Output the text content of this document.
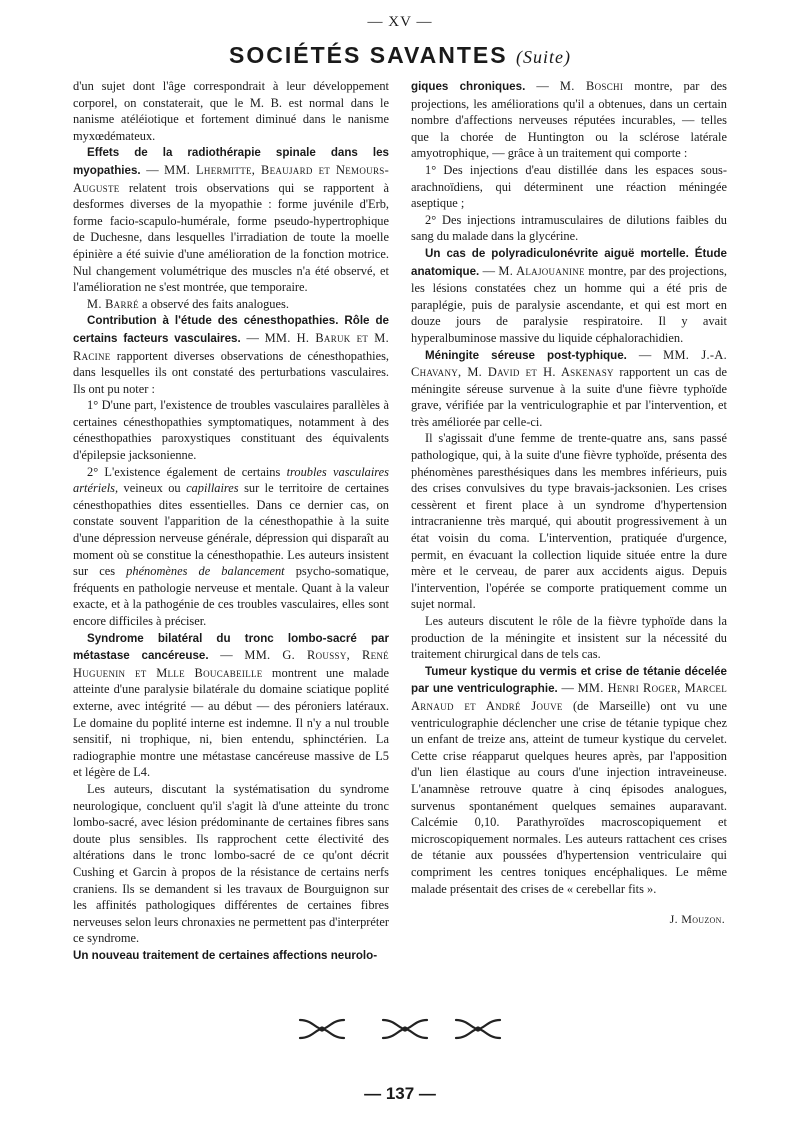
— XV —
SOCIÉTÉS SAVANTES (Suite)

d'un sujet dont l'âge correspondrait à leur développement corporel, on constaterait, que le M. B. est normal dans le nanisme atéléiotique et fortement diminué dans le nanisme myxœdémateux.

Effets de la radiothérapie spinale dans les myopathies. — MM. Lhermitte, Beaujard et Nemours-Auguste relatent trois observations qui se rapportent à desformes diverses de la myopathie : forme juvénile d'Erb, forme facio-scapulo-humérale, forme pseudo-hypertrophique de Duchesne, dans lesquelles l'irradiation de toute la moelle épinière a été suivie d'une amélioration de la fonction motrice. Nul changement volumétrique des muscles n'a été observé, et l'amélioration ne s'est montrée, que temporaire.

M. Barré a observé des faits analogues.

Contribution à l'étude des cénesthopathies. Rôle de certains facteurs vasculaires. — MM. H. Baruk et M. Racine rapportent diverses observations de cénesthopathies, dans lesquelles ils ont constaté des perturbations vasculaires. Ils ont pu noter :

1° D'une part, l'existence de troubles vasculaires parallèles à certaines cénesthopathies symptomatiques, notamment à des cénesthopathies paroxystiques constituant des équivalents d'épilepsie jacksonienne.

2° L'existence également de certains troubles vasculaires artériels, veineux ou capillaires sur le territoire de certaines cénesthopathies dites essentielles. Dans ce dernier cas, on constate souvent l'apparition de la cénesthopathie à la suite d'une dépression nerveuse générale, dépression qui disparaît au moment où se constitue la cénesthopathie. Les auteurs insistent sur ces phénomènes de balancement psycho-somatique, fréquents en pathologie nerveuse et mentale. Quant à la valeur exacte, et à la pathogénie de ces troubles vasculaires, elles sont encore difficiles à préciser.

Syndrome bilatéral du tronc lombo-sacré par métastase cancéreuse. — MM. G. Roussy, René Huguenin et Mlle Boucabeille montrent une malade atteinte d'une paralysie bilatérale du domaine sciatique poplité externe, avec intégrité — au début — des péroniers latéraux. Le domaine du poplité interne est indemne. Il n'y a nul trouble sensitif, ni trophique, ni, bien entendu, sphinctérien. La radiographie montre une métastase cancéreuse massive de L5 et légère de L4.

Les auteurs, discutant la systématisation du syndrome neurologique, concluent qu'il s'agit là d'une atteinte du tronc lombo-sacré, avec lésion prédominante de certaines fibres sans doute plus sensibles. Ils rapprochent cette électivité des altérations dans le tronc lombo-sacré de ce qu'ont décrit Cushing et Garcin à propos de la résistance de certains nerfs craniens. Ils se demandent si les travaux de Bourguignon sur les affinités pathologiques différentes de certaines fibres nerveuses selon leurs chronaxies ne permettent pas d'interpréter ce syndrome.

Un nouveau traitement de certaines affections neurolo-

giques chroniques. — M. Boschi montre, par des projections, les améliorations qu'il a obtenues, dans un certain nombre d'affections nerveuses réputées incurables, — telles que la chorée de Huntington ou la sclérose latérale amyotrophique, — grâce à un traitement qui comporte :

1° Des injections d'eau distillée dans les espaces sous-arachnoïdiens, qui déterminent une réaction méningée aseptique ;

2° Des injections intramusculaires de dilutions faibles du sang du malade dans la glycérine.

Un cas de polyradiculonévrite aiguë mortelle. Étude anatomique. — M. Alajouanine montre, par des projections, les lésions constatées chez un homme qui a été pris de paraplégie, puis de paralysie ascendante, et qui est mort en douze jours de paralysie respiratoire. Il y avait hyperalbuminose massive du liquide céphalorachidien.

Méningite séreuse post-typhique. — MM. J.-A. Chavany, M. David et H. Askenasy rapportent un cas de méningite séreuse survenue à la suite d'une fièvre typhoïde grave, vérifiée par la ventriculographie et par l'intervention, et très améliorée par celle-ci.

Il s'agissait d'une femme de trente-quatre ans, sans passé pathologique, qui, à la suite d'une fièvre typhoïde, présenta des phénomènes paresthésiques dans les membres inférieurs, puis des crises convulsives du type bravais-jacksonien. Les crises cessèrent et firent place à un syndrome d'hypertension intracranienne très marqué, qui aboutit progressivement à un état voisin du coma. L'intervention, pratiquée d'urgence, permit, en évacuant la collection liquide située entre la dure mère et le cerveau, de parer aux accidents aigus. Depuis l'intervention, l'opérée se comporte pratiquement comme un sujet normal.

Les auteurs discutent le rôle de la fièvre typhoïde dans la production de la méningite et insistent sur la nécessité du traitement chirurgical dans de tels cas.

Tumeur kystique du vermis et crise de tétanie décelée par une ventriculographie. — MM. Henri Roger, Marcel Arnaud et André Jouve (de Marseille) ont vu une ventriculographie déclencher une crise de tétanie typique chez un enfant de treize ans, atteint de tumeur kystique du cervelet. Cette crise réapparut quelques heures après, par l'apposition d'un lien élastique au cours d'une injection intraveineuse. L'anamnèse retrouve quatre à cinq épisodes analogues, survenus spontanément quelques semaines auparavant. Calcémie 0,10. Parathyroïdes macroscopiquement et microscopiquement normales. Les auteurs rattachent ces crises de tétanie aux poussées d'hypertension ventriculaire qui compriment les centres toniques encéphaliques. Le même malade présentait des crises de « cerebellar fits ».

J. Mouzon.
— 137 —
